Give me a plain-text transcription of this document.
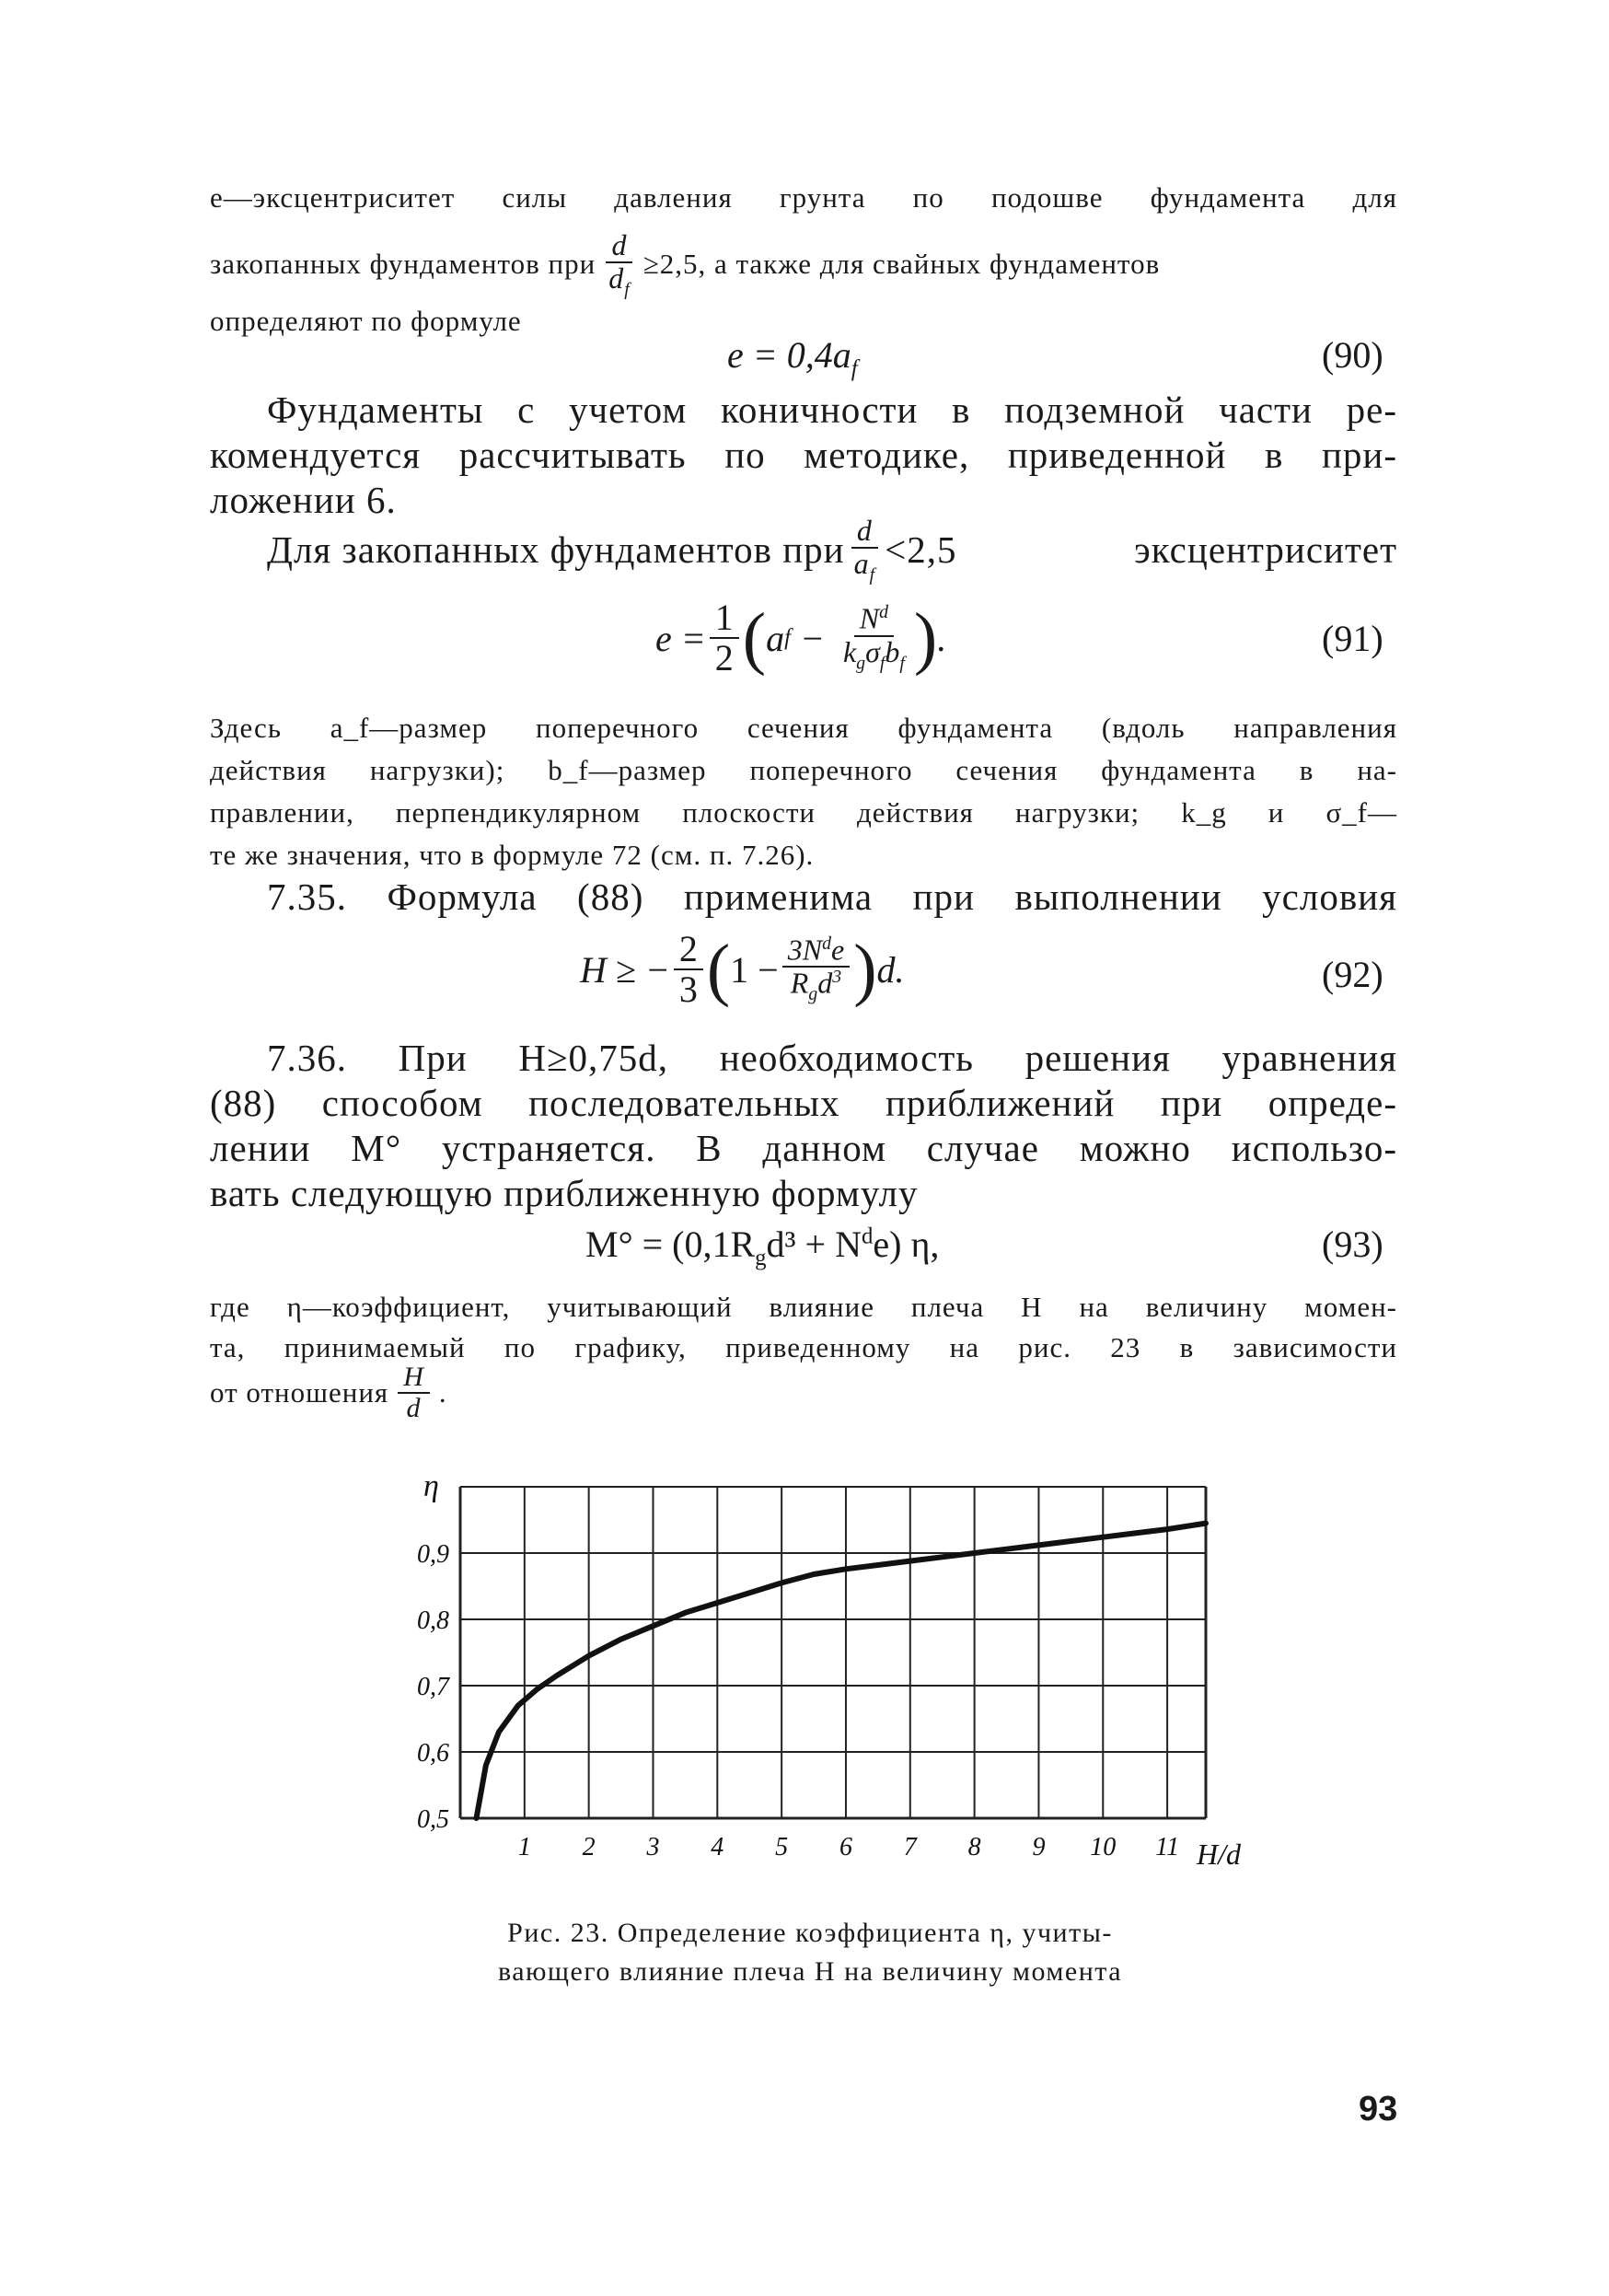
e—эксцентриситет силы давления грунта по подошве фундамента для
закопанных фундаментов при $\frac{d}{d_f} \ge 2,5$, а также для свайных фундаментов
определяют по формуле
$e = 0,4a_f$	(90)
Фундаменты с учетом коничности в подземной части ре-
комендуется рассчитывать по методике, приведенной в при-
ложении 6.
Для закопанных фундаментов при $\frac{d}{a_f} <2,5$ эксцентриситет
$e = \frac{1}{2}$ ( a $f - \frac{N^d}{k_g\sigma_fb_f}$ ) .	(91)
Здесь a_f—размер поперечного сечения фундамента (вдоль направления
действия нагрузки); b_f—размер поперечного сечения фундамента в на-
правлении, перпендикулярном плоскости действия нагрузки; k_g и σ_f—
те же значения, что в формуле 72 (см. п. 7.26).
7.35. Формула (88) применима при выполнении условия
H ≥ − $\frac{2}{3}$ ( $1 - \frac{3N^de}{R_gd^3}$ ) d.	(92)
7.36. При H≥0,75d, необходимость решения уравнения
(88) способом последовательных приближений при опреде-
лении M° устраняется. В данном случае можно использо-
вать следующую приближенную формулу
$M^\circ = (0,1R_gd^3 + N^de)$ η,	(93)
где η—коэффициент, учитывающий влияние плеча H на величину момен-
та, принимаемый по графику, приведенному на рис. 23 в зависимости
от отношения $\frac{H}{d}$ .
1 2 3 4 5 6 7 8 9 10 11
0,5
0,6
0,7
0,8
0,9
η
H/d
Рис. 23. Определение коэффициента η, учиты-
вающего влияние плеча H на величину момента
93
